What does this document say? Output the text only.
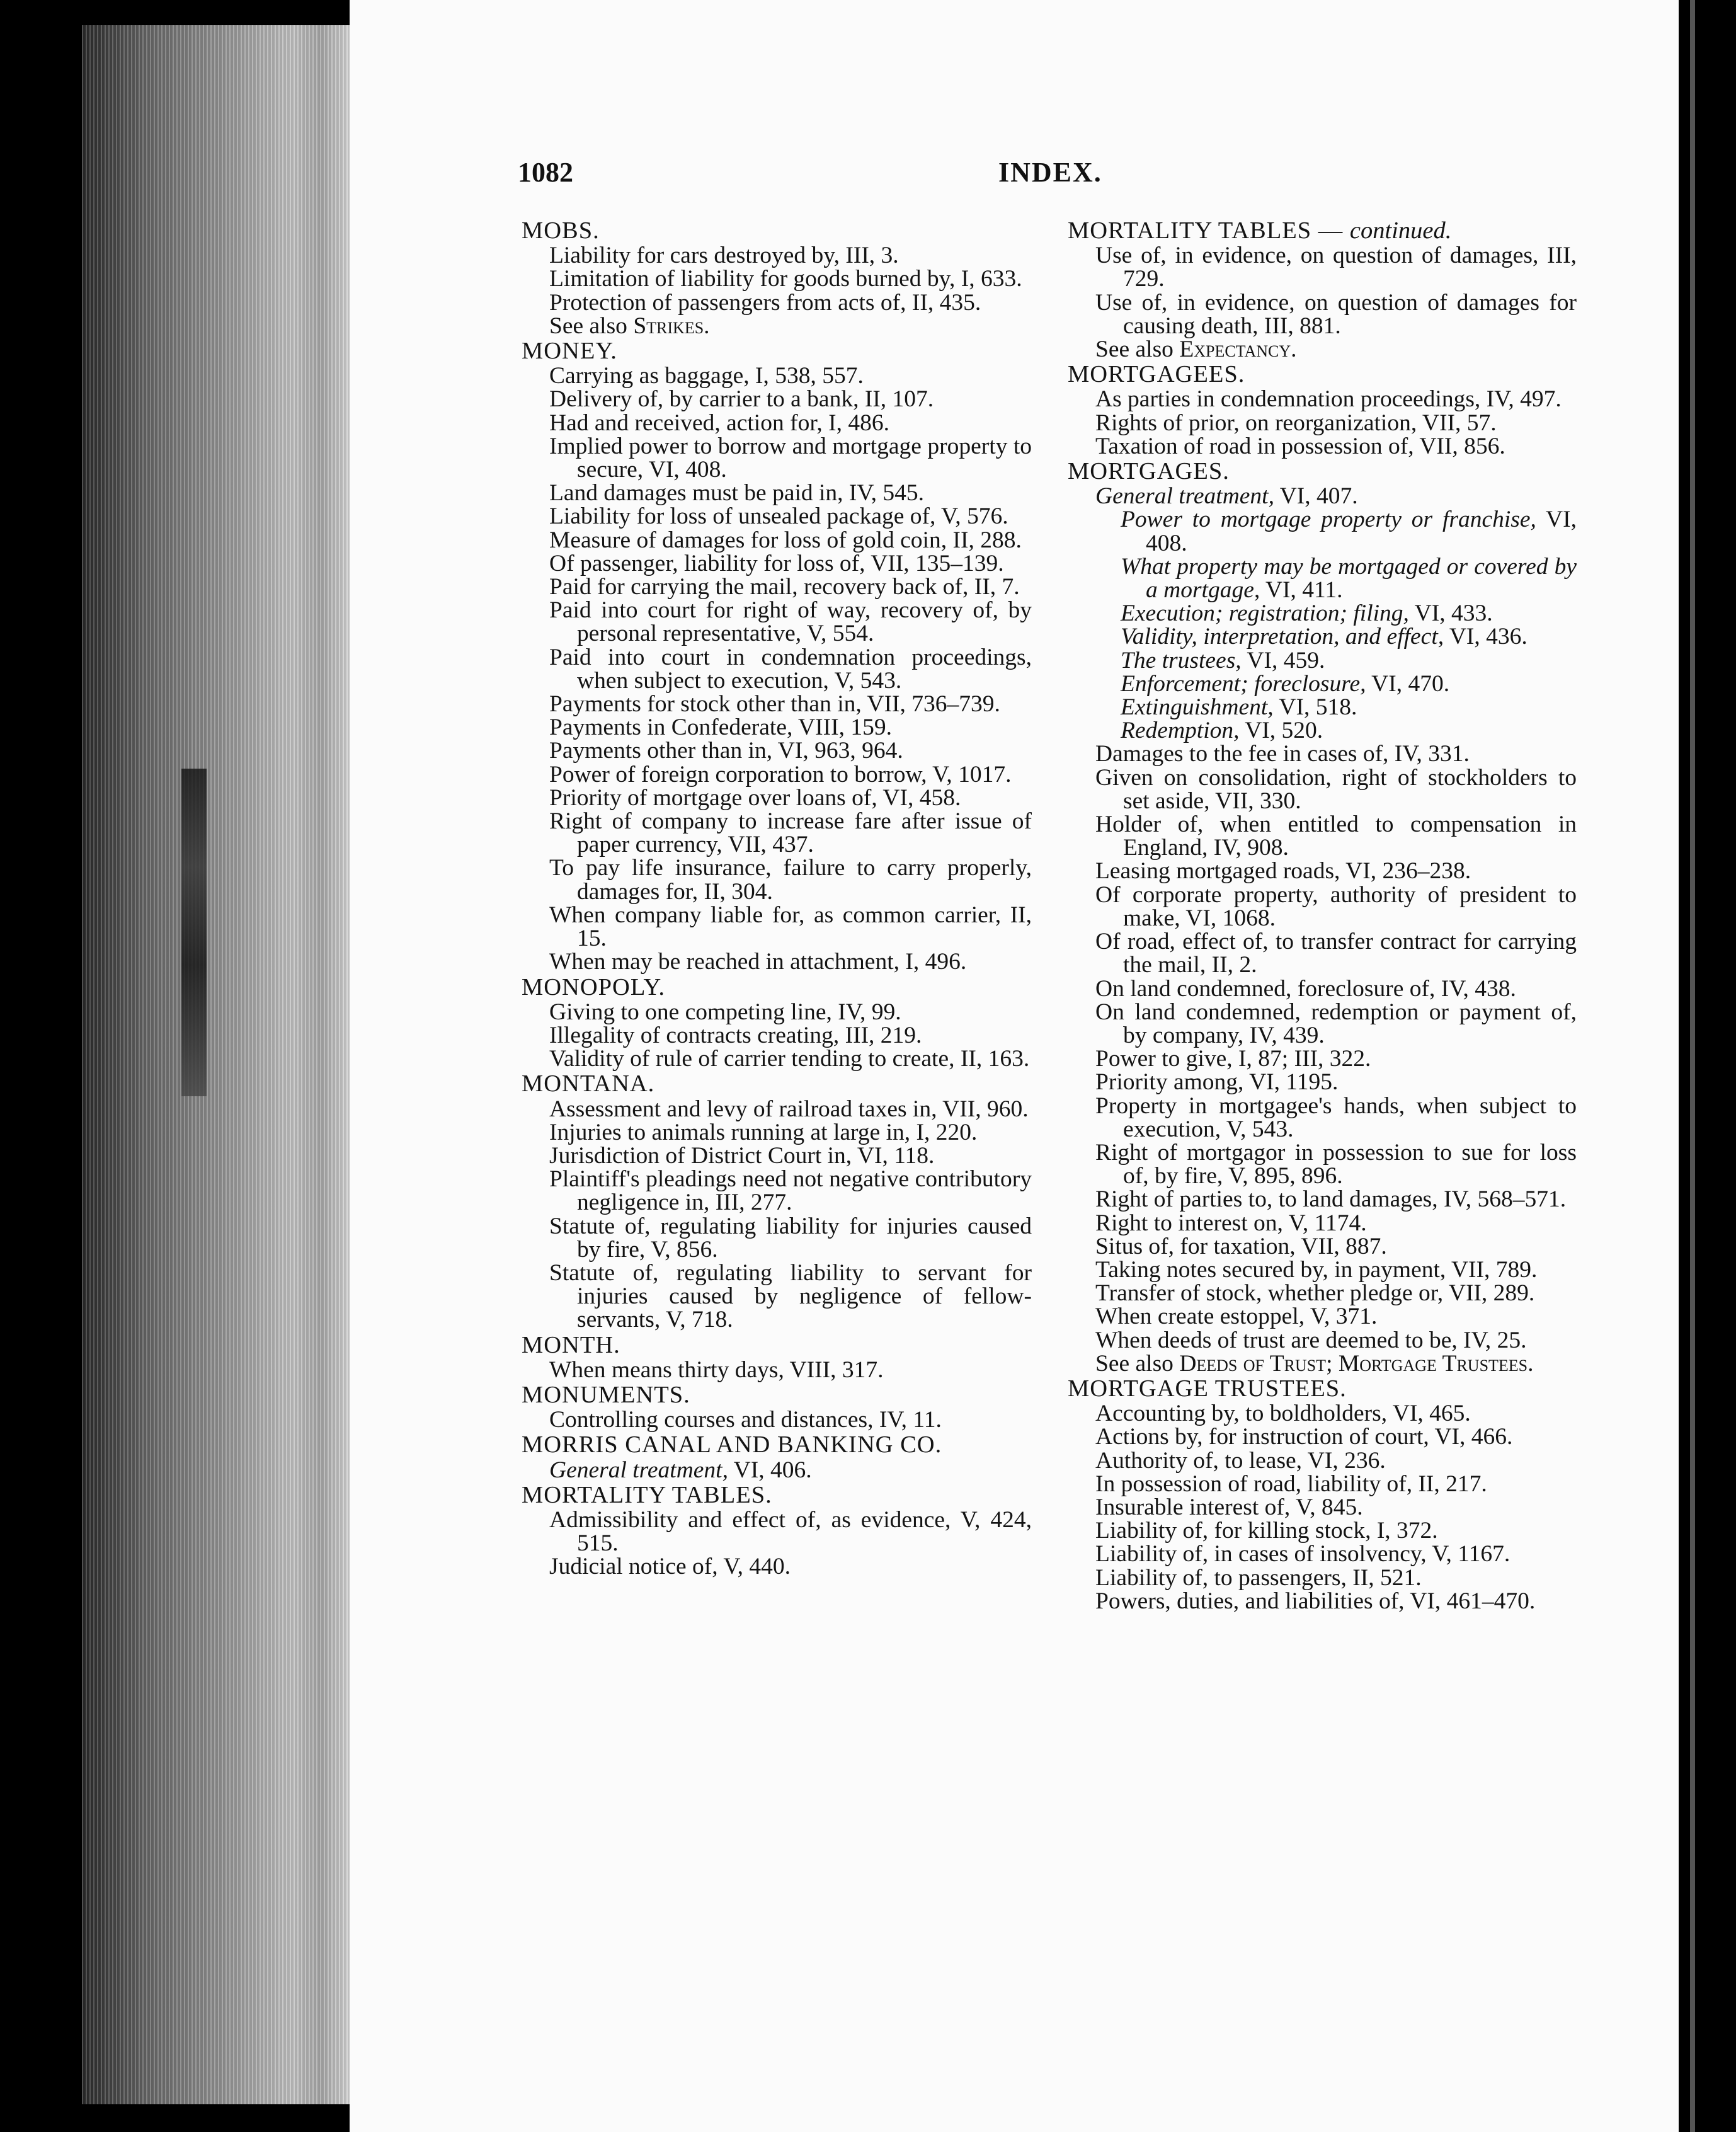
1082	INDEX.

MOBS.

Liability for cars destroyed by, III, 3.

Limitation of liability for goods burned by, I, 633.

Protection of passengers from acts of, II, 435.

See also Strikes.

MONEY.

Carrying as baggage, I, 538, 557.

Delivery of, by carrier to a bank, II, 107.

Had and received, action for, I, 486.

Implied power to borrow and mortgage property to secure, VI, 408.

Land damages must be paid in, IV, 545.

Liability for loss of unsealed package of, V, 576.

Measure of damages for loss of gold coin, II, 288.

Of passenger, liability for loss of, VII, 135–139.

Paid for carrying the mail, recovery back of, II, 7.

Paid into court for right of way, recovery of, by personal representative, V, 554.

Paid into court in condemnation proceedings, when subject to execution, V, 543.

Payments for stock other than in, VII, 736–739.

Payments in Confederate, VIII, 159.

Payments other than in, VI, 963, 964.

Power of foreign corporation to borrow, V, 1017.

Priority of mortgage over loans of, VI, 458.

Right of company to increase fare after issue of paper currency, VII, 437.

To pay life insurance, failure to carry properly, damages for, II, 304.

When company liable for, as common carrier, II, 15.

When may be reached in attachment, I, 496.

MONOPOLY.

Giving to one competing line, IV, 99.

Illegality of contracts creating, III, 219.

Validity of rule of carrier tending to create, II, 163.

MONTANA.

Assessment and levy of railroad taxes in, VII, 960.

Injuries to animals running at large in, I, 220.

Jurisdiction of District Court in, VI, 118.

Plaintiff's pleadings need not negative contributory negligence in, III, 277.

Statute of, regulating liability for injuries caused by fire, V, 856.

Statute of, regulating liability to servant for injuries caused by negligence of fellow-servants, V, 718.

MONTH.

When means thirty days, VIII, 317.

MONUMENTS.

Controlling courses and distances, IV, 11.

MORRIS CANAL AND BANKING CO.

General treatment, VI, 406.

MORTALITY TABLES.

Admissibility and effect of, as evidence, V, 424, 515.

Judicial notice of, V, 440.

MORTALITY TABLES — continued.

Use of, in evidence, on question of damages, III, 729.

Use of, in evidence, on question of damages for causing death, III, 881.

See also Expectancy.

MORTGAGEES.

As parties in condemnation proceedings, IV, 497.

Rights of prior, on reorganization, VII, 57.

Taxation of road in possession of, VII, 856.

MORTGAGES.

General treatment, VI, 407.

Power to mortgage property or franchise, VI, 408.

What property may be mortgaged or covered by a mortgage, VI, 411.

Execution; registration; filing, VI, 433.

Validity, interpretation, and effect, VI, 436.

The trustees, VI, 459.

Enforcement; foreclosure, VI, 470.

Extinguishment, VI, 518.

Redemption, VI, 520.

Damages to the fee in cases of, IV, 331.

Given on consolidation, right of stockholders to set aside, VII, 330.

Holder of, when entitled to compensation in England, IV, 908.

Leasing mortgaged roads, VI, 236–238.

Of corporate property, authority of president to make, VI, 1068.

Of road, effect of, to transfer contract for carrying the mail, II, 2.

On land condemned, foreclosure of, IV, 438.

On land condemned, redemption or payment of, by company, IV, 439.

Power to give, I, 87; III, 322.

Priority among, VI, 1195.

Property in mortgagee's hands, when subject to execution, V, 543.

Right of mortgagor in possession to sue for loss of, by fire, V, 895, 896.

Right of parties to, to land damages, IV, 568–571.

Right to interest on, V, 1174.

Situs of, for taxation, VII, 887.

Taking notes secured by, in payment, VII, 789.

Transfer of stock, whether pledge or, VII, 289.

When create estoppel, V, 371.

When deeds of trust are deemed to be, IV, 25.

See also Deeds of Trust; Mortgage Trustees.

MORTGAGE TRUSTEES.

Accounting by, to boldholders, VI, 465.

Actions by, for instruction of court, VI, 466.

Authority of, to lease, VI, 236.

In possession of road, liability of, II, 217.

Insurable interest of, V, 845.

Liability of, for killing stock, I, 372.

Liability of, in cases of insolvency, V, 1167.

Liability of, to passengers, II, 521.

Powers, duties, and liabilities of, VI, 461–470.
